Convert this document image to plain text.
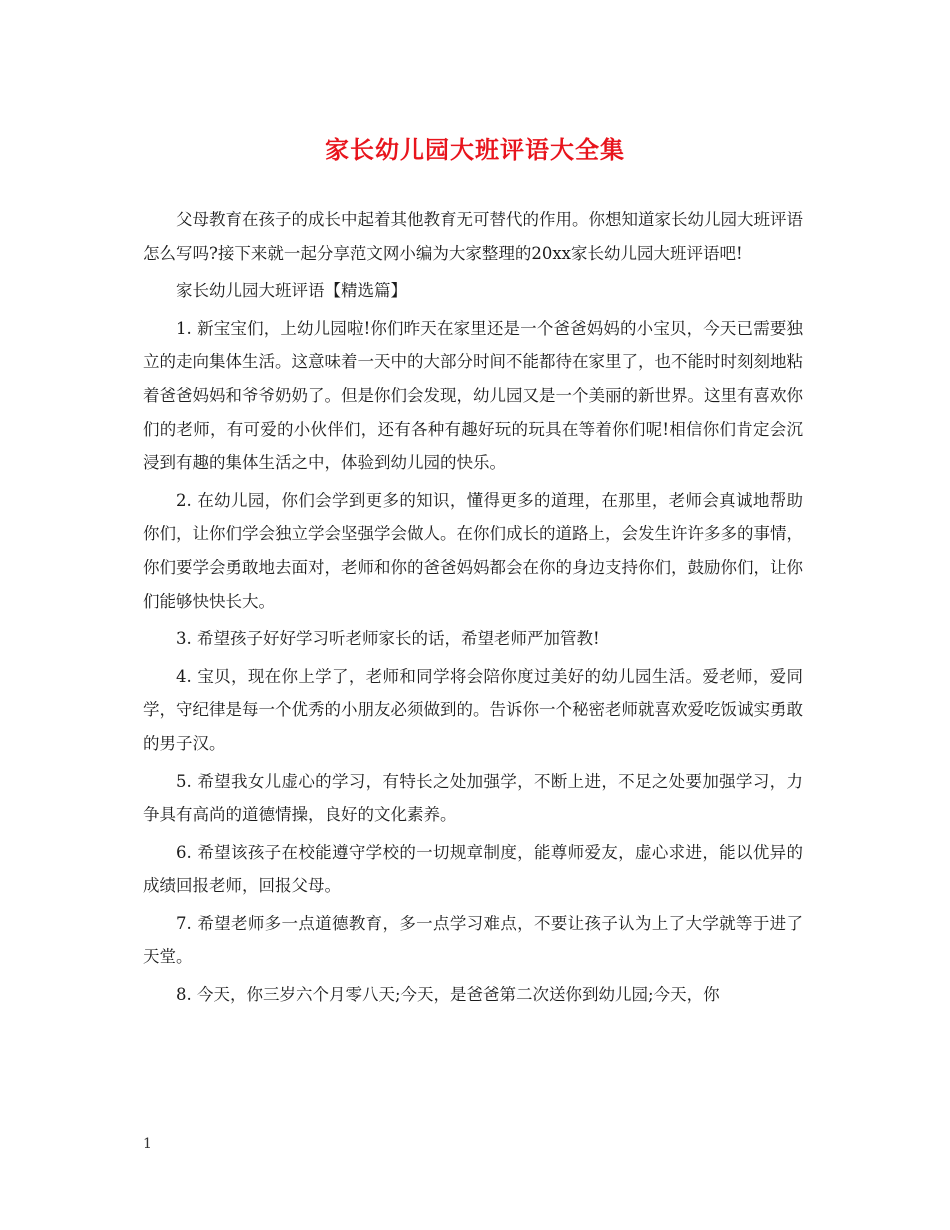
家长幼儿园大班评语大全集

父母教育在孩子的成长中起着其他教育无可替代的作用。你想知道家长幼儿园大班评语怎么写吗?接下来就一起分享范文网小编为大家整理的20xx家长幼儿园大班评语吧!

家长幼儿园大班评语【精选篇】

1. 新宝宝们，上幼儿园啦!你们昨天在家里还是一个爸爸妈妈的小宝贝，今天已需要独立的走向集体生活。这意味着一天中的大部分时间不能都待在家里了，也不能时时刻刻地粘着爸爸妈妈和爷爷奶奶了。但是你们会发现，幼儿园又是一个美丽的新世界。这里有喜欢你们的老师，有可爱的小伙伴们，还有各种有趣好玩的玩具在等着你们呢!相信你们肯定会沉浸到有趣的集体生活之中，体验到幼儿园的快乐。

2. 在幼儿园，你们会学到更多的知识，懂得更多的道理，在那里，老师会真诚地帮助你们，让你们学会独立学会坚强学会做人。在你们成长的道路上，会发生许许多多的事情，你们要学会勇敢地去面对，老师和你的爸爸妈妈都会在你的身边支持你们，鼓励你们，让你们能够快快长大。

3. 希望孩子好好学习听老师家长的话，希望老师严加管教!

4. 宝贝，现在你上学了，老师和同学将会陪你度过美好的幼儿园生活。爱老师，爱同学，守纪律是每一个优秀的小朋友必须做到的。告诉你一个秘密老师就喜欢爱吃饭诚实勇敢的男子汉。

5. 希望我女儿虚心的学习，有特长之处加强学，不断上进，不足之处要加强学习，力争具有高尚的道德情操，良好的文化素养。

6. 希望该孩子在校能遵守学校的一切规章制度，能尊师爱友，虚心求进，能以优异的成绩回报老师，回报父母。

7. 希望老师多一点道德教育，多一点学习难点，不要让孩子认为上了大学就等于进了天堂。

8. 今天，你三岁六个月零八天;今天，是爸爸第二次送你到幼儿园;今天，你

1
